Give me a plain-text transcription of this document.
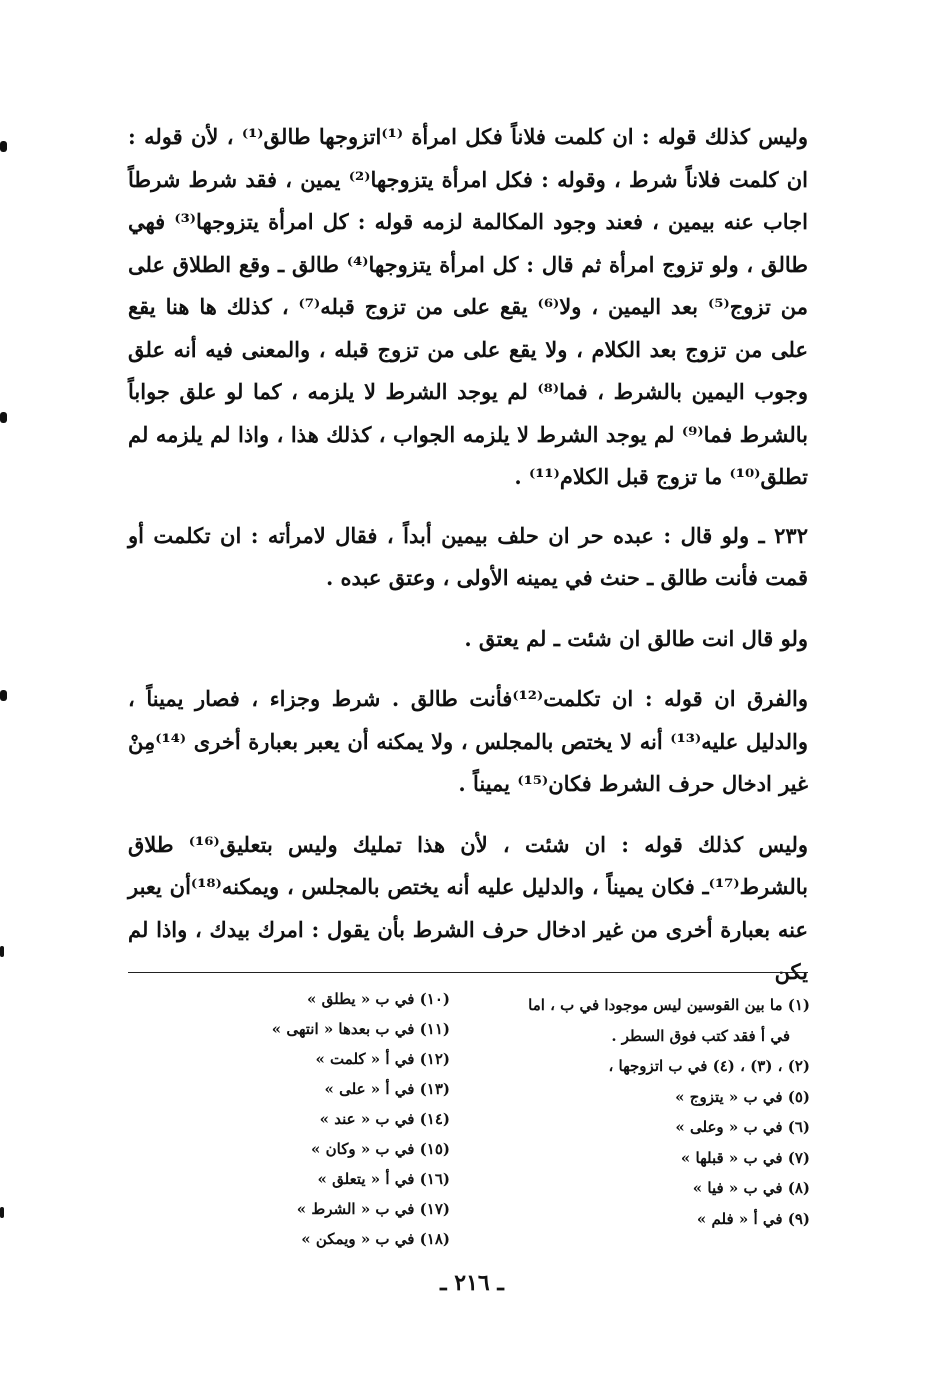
وليس كذلك قوله : ان كلمت فلاناً فكل امرأة ⁽¹⁾اتزوجها طالق⁽¹⁾ ، لأن قوله : ان كلمت فلاناً شرط ، وقوله : فكل امرأة يتزوجها⁽²⁾ يمين ، فقد شرط شرطاً اجاب عنه بيمين ، فعند وجود المكالمة لزمه قوله : كل امرأة يتزوجها⁽³⁾ فهي طالق ، ولو تزوج امرأة ثم قال : كل امرأة يتزوجها⁽⁴⁾ طالق ـ وقع الطلاق على من تزوج⁽⁵⁾ بعد اليمين ، ولا⁽⁶⁾ يقع على من تزوج قبله⁽⁷⁾ ، كذلك ها هنا يقع على من تزوج بعد الكلام ، ولا يقع على من تزوج قبله ، والمعنى فيه أنه علق وجوب اليمين بالشرط ، فما⁽⁸⁾ لم يوجد الشرط لا يلزمه ، كما لو علق جواباً بالشرط فما⁽⁹⁾ لم يوجد الشرط لا يلزمه الجواب ، كذلك هذا ، واذا لم يلزمه لم تطلق⁽¹⁰⁾ ما تزوج قبل الكلام⁽¹¹⁾ .

٢٣٢ ـ ولو قال : عبده حر ان حلف بيمين أبداً ، فقال لامرأته : ان تكلمت أو قمت فأنت طالق ـ حنث في يمينه الأولى ، وعتق عبده .

ولو قال انت طالق ان شئت ـ لم يعتق .

والفرق ان قوله : ان تكلمت⁽¹²⁾فأنت طالق . شرط وجزاء ، فصار يميناً ، والدليل عليه⁽¹³⁾ أنه لا يختص بالمجلس ، ولا يمكنه أن يعبر بعبارة أخرى ⁽¹⁴⁾مِنْ غير ادخال حرف الشرط فكان⁽¹⁵⁾ يميناً .

وليس كذلك قوله : ان شئت ، لأن هذا تمليك وليس بتعليق⁽¹⁶⁾ طلاق بالشرط⁽¹⁷⁾ـ فكان يميناً ، والدليل عليه أنه يختص بالمجلس ، ويمكنه⁽¹⁸⁾أن يعبر عنه بعبارة أخرى من غير ادخال حرف الشرط بأن يقول : امرك بيدك ، واذا لم يكن

(١) ما بين القوسين ليس موجودا في ب ، اما
في أ فقد كتب فوق السطر .
(٢) ، (٣) ، (٤) في ب اتزوجها ،
(٥) في ب « يتزوج »
(٦) في ب « وعلى »
(٧) في ب « قبلها »
(٨) في ب « فيا »
(٩) في أ « فلم »
(١٠) في ب « يطلق »
(١١) في ب بعدها « انتهى »
(١٢) في أ « كلمت »
(١٣) في أ « على »
(١٤) في ب « عند »
(١٥) في ب « وكان »
(١٦) في أ « يتعلق »
(١٧) في ب « الشرط »
(١٨) في ب « ويمكن »
ـ ٢١٦ ـ
